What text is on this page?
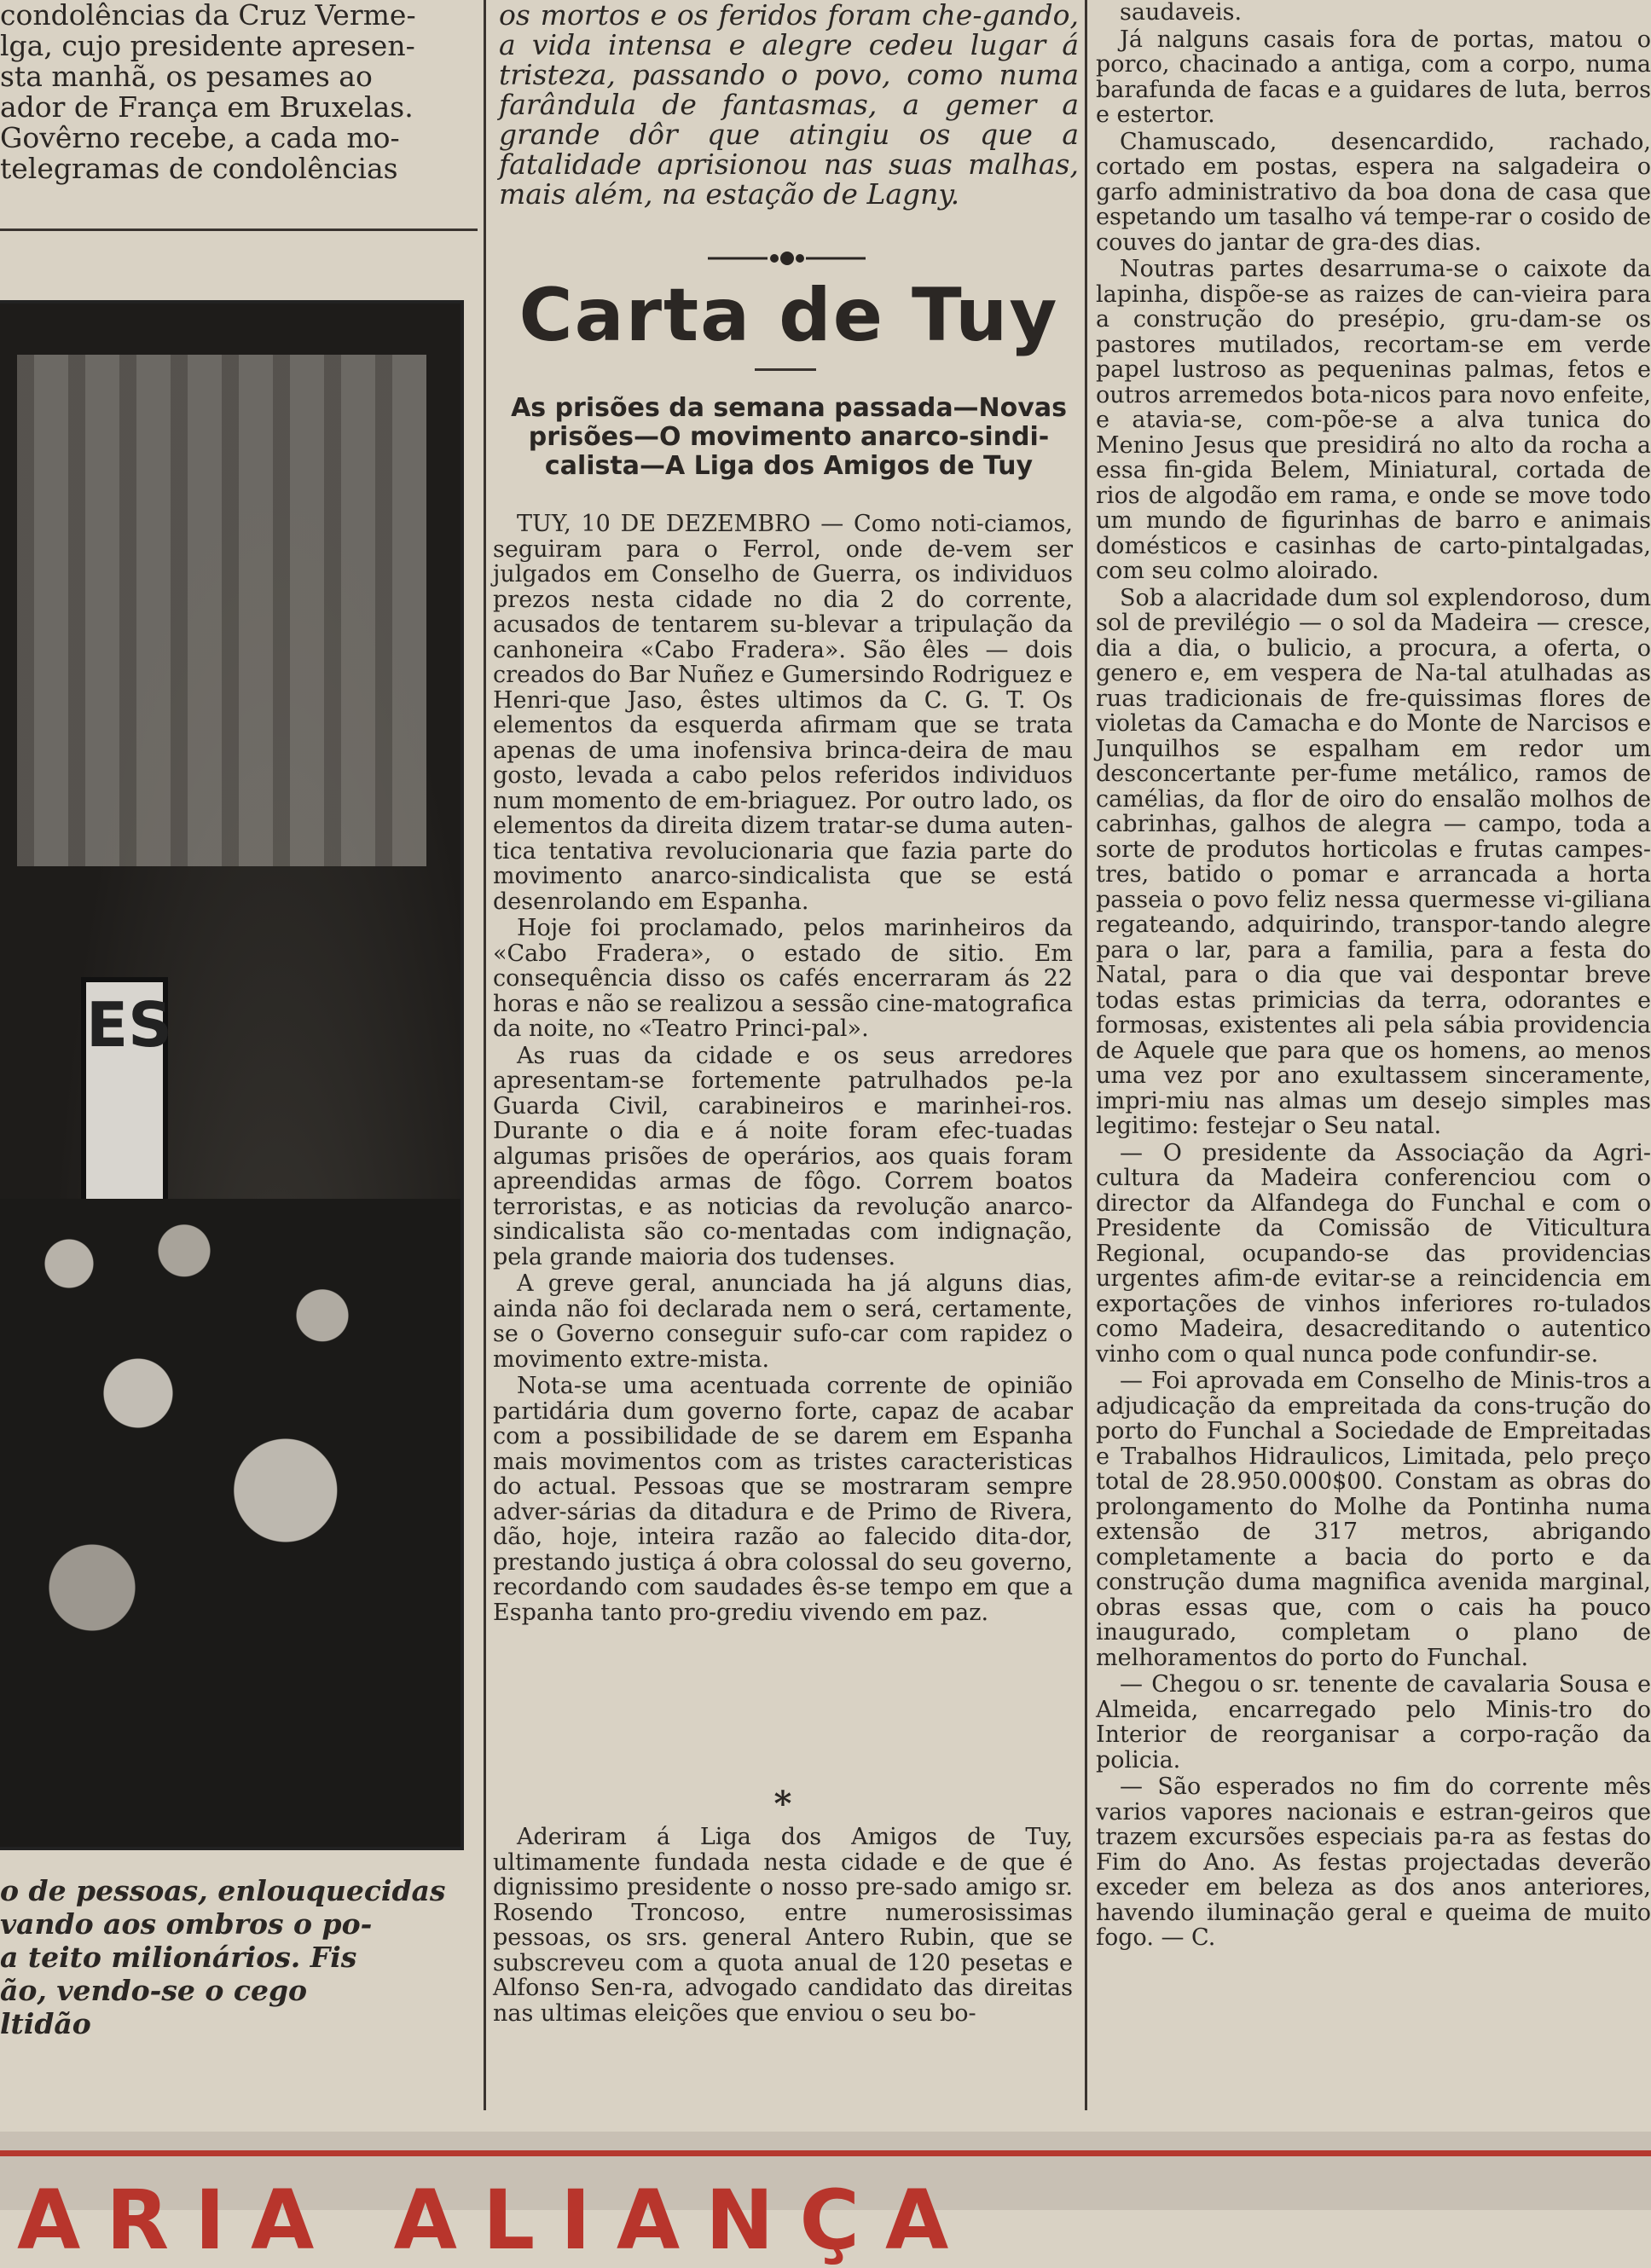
condolências da Cruz Verme-
lga, cujo presidente apresen-
sta manhã, os pesames ao
ador de França em Bruxelas.
Govêrno recebe, a cada mo-
telegramas de condolências
ES
o de pessoas, enlouquecidas
vando aos ombros o po-
a teito milionários. Fis
ão, vendo-se o cego
ltidão

os mortos e os feridos foram che-gando, a vida intensa e alegre cedeu lugar á tristeza, passando o povo, como numa farândula de fantasmas, a gemer a grande dôr que atingiu os que a fatalidade aprisionou nas suas malhas, mais além, na estação de Lagny.

Carta de Tuy
As prisões da semana passada—Novas prisões—O movimento anarco-sindi-calista—A Liga dos Amigos de Tuy

TUY, 10 DE DEZEMBRO — Como noti-ciamos, seguiram para o Ferrol, onde de-vem ser julgados em Conselho de Guerra, os individuos prezos nesta cidade no dia 2 do corrente, acusados de tentarem su-blevar a tripulação da canhoneira «Cabo Fradera». São êles — dois creados do Bar Nuñez e Gumersindo Rodriguez e Henri-que Jaso, êstes ultimos da C. G. T. Os elementos da esquerda afirmam que se trata apenas de uma inofensiva brinca-deira de mau gosto, levada a cabo pelos referidos individuos num momento de em-briaguez. Por outro lado, os elementos da direita dizem tratar-se duma auten-tica tentativa revolucionaria que fazia parte do movimento anarco-sindicalista que se está desenrolando em Espanha.

Hoje foi proclamado, pelos marinheiros da «Cabo Fradera», o estado de sitio. Em consequência disso os cafés encerraram ás 22 horas e não se realizou a sessão cine-matografica da noite, no «Teatro Princi-pal».

As ruas da cidade e os seus arredores apresentam-se fortemente patrulhados pe-la Guarda Civil, carabineiros e marinhei-ros. Durante o dia e á noite foram efec-tuadas algumas prisões de operários, aos quais foram apreendidas armas de fôgo. Correm boatos terroristas, e as noticias da revolução anarco-sindicalista são co-mentadas com indignação, pela grande maioria dos tudenses.

A greve geral, anunciada ha já alguns dias, ainda não foi declarada nem o será, certamente, se o Governo conseguir sufo-car com rapidez o movimento extre-mista.

Nota-se uma acentuada corrente de opinião partidária dum governo forte, capaz de acabar com a possibilidade de se darem em Espanha mais movimentos com as tristes caracteristicas do actual. Pessoas que se mostraram sempre adver-sárias da ditadura e de Primo de Rivera, dão, hoje, inteira razão ao falecido dita-dor, prestando justiça á obra colossal do seu governo, recordando com saudades ês-se tempo em que a Espanha tanto pro-grediu vivendo em paz.

*

Aderiram á Liga dos Amigos de Tuy, ultimamente fundada nesta cidade e de que é dignissimo presidente o nosso pre-sado amigo sr. Rosendo Troncoso, entre numerosissimas pessoas, os srs. general Antero Rubin, que se subscreveu com a quota anual de 120 pesetas e Alfonso Sen-ra, advogado candidato das direitas nas ultimas eleições que enviou o seu bo-

saudaveis.

Já nalguns casais fora de portas, matou o porco, chacinado a antiga, com a corpo, numa barafunda de facas e a guidares de luta, berros e estertor.

Chamuscado, desencardido, rachado, cortado em postas, espera na salgadeira o garfo administrativo da boa dona de casa que espetando um tasalho vá tempe-rar o cosido de couves do jantar de gra-des dias.

Noutras partes desarruma-se o caixote da lapinha, dispõe-se as raizes de can-vieira para a construção do presépio, gru-dam-se os pastores mutilados, recortam-se em verde papel lustroso as pequeninas palmas, fetos e outros arremedos bota-nicos para novo enfeite, e atavia-se, com-põe-se a alva tunica do Menino Jesus que presidirá no alto da rocha a essa fin-gida Belem, Miniatural, cortada de rios de algodão em rama, e onde se move todo um mundo de figurinhas de barro e animais domésticos e casinhas de carto-pintalgadas, com seu colmo aloirado.

Sob a alacridade dum sol explendoroso, dum sol de previlégio — o sol da Madeira — cresce, dia a dia, o bulicio, a procura, a oferta, o genero e, em vespera de Na-tal atulhadas as ruas tradicionais de fre-quissimas flores de violetas da Camacha e do Monte de Narcisos e Junquilhos se espalham em redor um desconcertante per-fume metálico, ramos de camélias, da flor de oiro do ensalão molhos de cabrinhas, galhos de alegra — campo, toda a sorte de produtos horticolas e frutas campes-tres, batido o pomar e arrancada a horta passeia o povo feliz nessa quermesse vi-giliana regateando, adquirindo, transpor-tando alegre para o lar, para a familia, para a festa do Natal, para o dia que vai despontar breve todas estas primicias da terra, odorantes e formosas, existentes ali pela sábia providencia de Aquele que para que os homens, ao menos uma vez por ano exultassem sinceramente, impri-miu nas almas um desejo simples mas legitimo: festejar o Seu natal.

— O presidente da Associação da Agri-cultura da Madeira conferenciou com o director da Alfandega do Funchal e com o Presidente da Comissão de Viticultura Regional, ocupando-se das providencias urgentes afim-de evitar-se a reincidencia em exportações de vinhos inferiores ro-tulados como Madeira, desacreditando o autentico vinho com o qual nunca pode confundir-se.

— Foi aprovada em Conselho de Minis-tros a adjudicação da empreitada da cons-trução do porto do Funchal a Sociedade de Empreitadas e Trabalhos Hidraulicos, Limitada, pelo preço total de 28.950.000$00. Constam as obras do prolongamento do Molhe da Pontinha numa extensão de 317 metros, abrigando completamente a bacia do porto e da construção duma magnifica avenida marginal, obras essas que, com o cais ha pouco inaugurado, completam o plano de melhoramentos do porto do Funchal.

— Chegou o sr. tenente de cavalaria Sousa e Almeida, encarregado pelo Minis-tro do Interior de reorganisar a corpo-ração da policia.

— São esperados no fim do corrente mês varios vapores nacionais e estran-geiros que trazem excursões especiais pa-ra as festas do Fim do Ano. As festas projectadas deverão exceder em beleza as dos anos anteriores, havendo iluminação geral e queima de muito fogo. — C.

ARIA ALIANÇA
